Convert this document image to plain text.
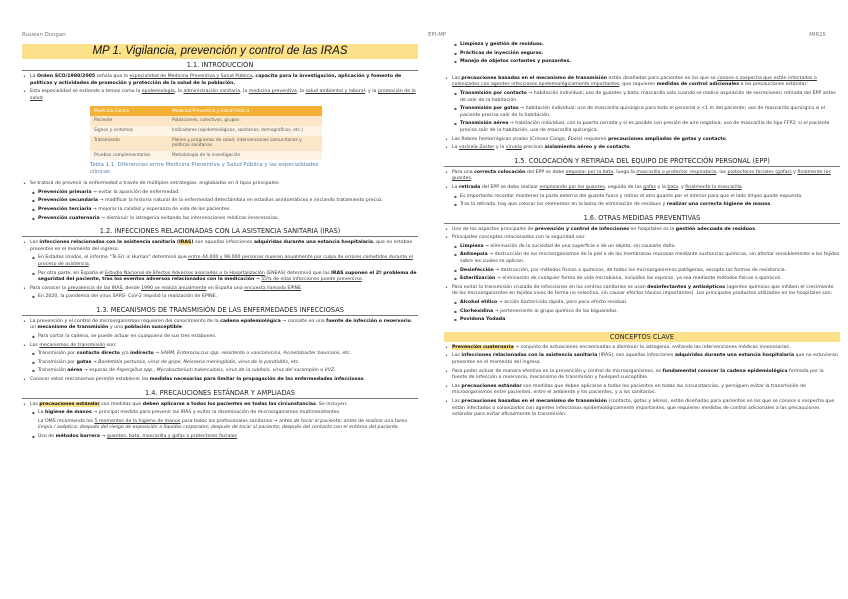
Ruswan Dungan	EPI-MP	MIR25
MP 1. Vigilancia, prevención y control de las IRAS
1.1. INTRODUCCIÓN
• La Orden SCO/1980/2005 señala que la especialidad de Medicina Preventiva y Salud Pública, capacita para la investigación, aplicación y fomento de políticas y actividades de promoción y protección de la salud de la población.
• Esta especialidad se extiende a temas como la epidemiología, la administración sanitaria, la medicina preventiva, la salud ambiental y laboral, y la promoción de la salud.
Medicina Clínica	Medicina Preventiva y Salud Pública
Paciente	Poblaciones, colectivos, grupos
Signos y síntomas	Indicadores (epidemiológicos, sanitarios, demográficos, etc.)
Tratamiento	Planes y programas de salud, intervenciones comunitarias y políticas sanitarias
Pruebas complementarias	Metodología de la investigación
Tabla 1.1. Diferencias entre Medicina Preventiva y Salud Pública y las especialidades clínicas
• Se tratará de prevenir la enfermedad a través de múltiples estrategias, englobadas en 4 tipos principales:
▪ Prevención primaria → evitar la aparición de enfermedad.
▪ Prevención secundaria → modificar la historia natural de la enfermedad detectándola en estadios asintomáticos e iniciando tratamiento precoz.
▪ Prevención terciaria → mejorar la calidad y esperanza de vida de los pacientes.
▪ Prevención cuaternaria → disminuir la iatrogenia evitando las intervenciones médicas innecesarias.
1.2. INFECCIONES RELACIONADAS CON LA ASISTENCIA SANITARIA (IRAS)
• Las infecciones relacionadas con la asistencia sanitaria (IRAS) son aquellas infecciones adquiridas durante una estancia hospitalaria, que no estaban presentes en el momento del ingreso.
▪ En Estados Unidos, el informe "To Err is Human" determinó que entre 44.000 y 98.000 personas mueren anualmente por culpa de errores cometidos durante el proceso de asistencia.
▪ Por otra parte, en España el Estudio Nacional de Efectos Adversos asociados a la Hospitalización (ENEAS) determinó que las IRAS suponen el 2º problema de seguridad del paciente, tras los eventos adversos relacionados con la medicación → 55% de ellas infecciones puede prevenirse.
• Para conocer la prevalencia de las IRAS, desde 1990 se realiza anualmente en España una encuesta llamada EPINE.
▪ En 2020, la pandemia del virus SARS- CoV-2 impidió la realización de EPINE.
1.3. MECANISMOS DE TRANSMISIÓN DE LAS ENFERMEDADES INFECCIOSAS
• La prevención y el control de microorganismos requieren del conocimiento de la cadena epidemiológica → consiste en una fuente de infección o reservorio, un mecanismo de transmisión y una población susceptible.
▪ Para cortar la cadena, se puede actuar en cualquiera de sus tres eslabones.
• Los mecanismos de transmisión son:
▪ Transmisión por contacto directo y/o indirecto → SARM, Enterococcus spp. resistente a vancomicina, Acinetobacter baumanii, etc.
▪ Transmisión por gotas → Bordetella pertussis, virus de gripe, Neisseria meningitidis, virus de la parotiditis, etc.
▪ Transmisión aérea → esporas de Aspergillus spp., Mycobacterium tuberculosis, virus de la rubéola, virus del sarampión o VVZ.
• Conocer estos mecanismos permite establecer las medidas necesarias para limitar la propagación de las enfermedades infecciosas.
1.4. PRECAUCIONES ESTÁNDAR Y AMPLIADAS
• Las precauciones estándar son medidas que deben aplicarse a todos los pacientes en todas las circunstancias. Se incluyen:
▪ La higiene de manos → principal medida para prevenir las IRAS y evitar la diseminación de microorganismos multirresistentes.
La OMS recomienda los 5 momentos de la higiene de manos para todos los profesionales sanitarios → antes de tocar al paciente; antes de realizar una tarea limpia / aséptica; después del riesgo de exposición a líquidos corporales; después de tocar al paciente; después del contacto con el entorno del paciente
▪ Uso de métodos barrera → guantes, bata, mascarilla y gafas o protectores faciales
▪ Limpieza y gestión de residuos.
▪ Prácticas de inyección seguras.
▪ Manejo de objetos cortantes y punzantes.
• Las precauciones basadas en el mecanismo de transmisión están diseñadas para pacientes en los que se conoce o sospecha que están infectados o colonizados con agentes infecciosos epidemiológicamente importantes, que requieren medidas de control adicionales a las precauciones estándar:
▪ Transmisión por contacto → habitación individual; uso de guantes y bata; mascarilla solo cuando se realice aspiración de secreciones; retirada del EPP antes de salir de la habitación.
▪ Transmisión por gotas → habitación individual; uso de mascarilla quirúrgica para todo el personal a <1 m del paciente; uso de mascarilla quirúrgica si el paciente precisa salir de la habitación.
▪ Transmisión aérea → habitación individual, con la puerta cerrada y si es posible con presión de aire negativa; uso de mascarilla de tipo FFP2; si el paciente precisa salir de la habitación, uso de mascarilla quirúrgica.
• Las fiebres hemorrágicas virales (Crimea-Congo, Ébola) requieren precauciones ampliadas de gotas y contacto.
• La varicela-Zoster y la viruela precisan aislamiento aéreo y de contacto.
1.5. COLOCACIÓN Y RETIRADA DEL EQUIPO DE PROTECCIÓN PERSONAL (EPP)
• Para una correcta colocación del EPP se debe empezar por la bata, luego la mascarilla o protector respiratorio, los protectores faciales (gafas) y finalmente los guantes.
• La retirada del EPP se debe realizar empezando por los guantes, seguido de las gafas y la bata, y finalmente la mascarilla.
▪ Es importante recordar mantener la parte externa del guante fuera y retirar el otro guante por el interior para que el lado limpio quede expuesto.
▪ Tras la retirada, hay que colocar los elementos en la bolsa de eliminación de residuos y realizar una correcta higiene de manos.
1.6. OTRAS MEDIDAS PREVENTIVAS
• Uno de los aspectos principales de prevención y control de infecciones en hospitales es la gestión adecuada de residuos.
• Principales conceptos relacionados con la seguridad son:
▪ Limpieza → eliminación de la suciedad de una superficie o de un objeto, sin causarle daño.
▪ Antisepsia → destrucción de los microorganismos de la piel o de las membranas mucosas mediante sustancias químicas, sin afectar sensiblemente a los tejidos sobre los cuales se aplican.
▪ Desinfección → destrucción, por métodos físicos o químicos, de todos los microorganismos patógenos, excepto las formas de resistencia.
▪ Esterilización → eliminación de cualquier forma de vida microbiana, incluidas las esporas, ya sea mediante métodos físicos o químicos.
• Para evitar la transmisión cruzada de infecciones en los centros sanitarios se usan desinfectantes y antisépticos (agentes químicos que inhiben el crecimiento de los microorganismos en tejidos vivos de forma no selectiva, sin causar efectos tóxicos importantes). Los principales productos utilizados en los hospitales son:
▪ Alcohol etílico → acción bactericida rápida, pero poco efecto residual.
▪ Clorhexidina → perteneciente al grupo químico de las biguanidas.
▪ Povidona Yodada.
CONCEPTOS CLAVE
• Prevención cuaternaria → conjunto de actuaciones encaminadas a disminuir la iatrogenia, evitando las intervenciones médicas innecesarias.
• Las infecciones relacionadas con la asistencia sanitaria (IRAS), son aquellas infecciones adquiridas durante una estancia hospitalaria que no estuvieran presentes en el momento del ingreso.
• Para poder actuar de manera efectiva en la prevención y control de microorganismos, es fundamental conocer la cadena epidemiológica formada por la fuente de infección o reservorio, mecanismo de transmisión y huésped susceptible.
• Las precauciones estándar son medidas que deben aplicarse a todos los pacientes en todas las circunstancias, y persiguen evitar la transmisión de microorganismos entre pacientes, entre el ambiente y los pacientes, y a los sanitarios.
• Las precauciones basadas en el mecanismo de transmisión (contacto, gotas y aérea), están diseñadas para pacientes en los que se conoce o sospecha que están infectados o colonizados con agentes infecciosos epidemiológicamente importantes, que requieren medidas de control adicionales a las precauciones estándar para evitar eficazmente la transmisión.
